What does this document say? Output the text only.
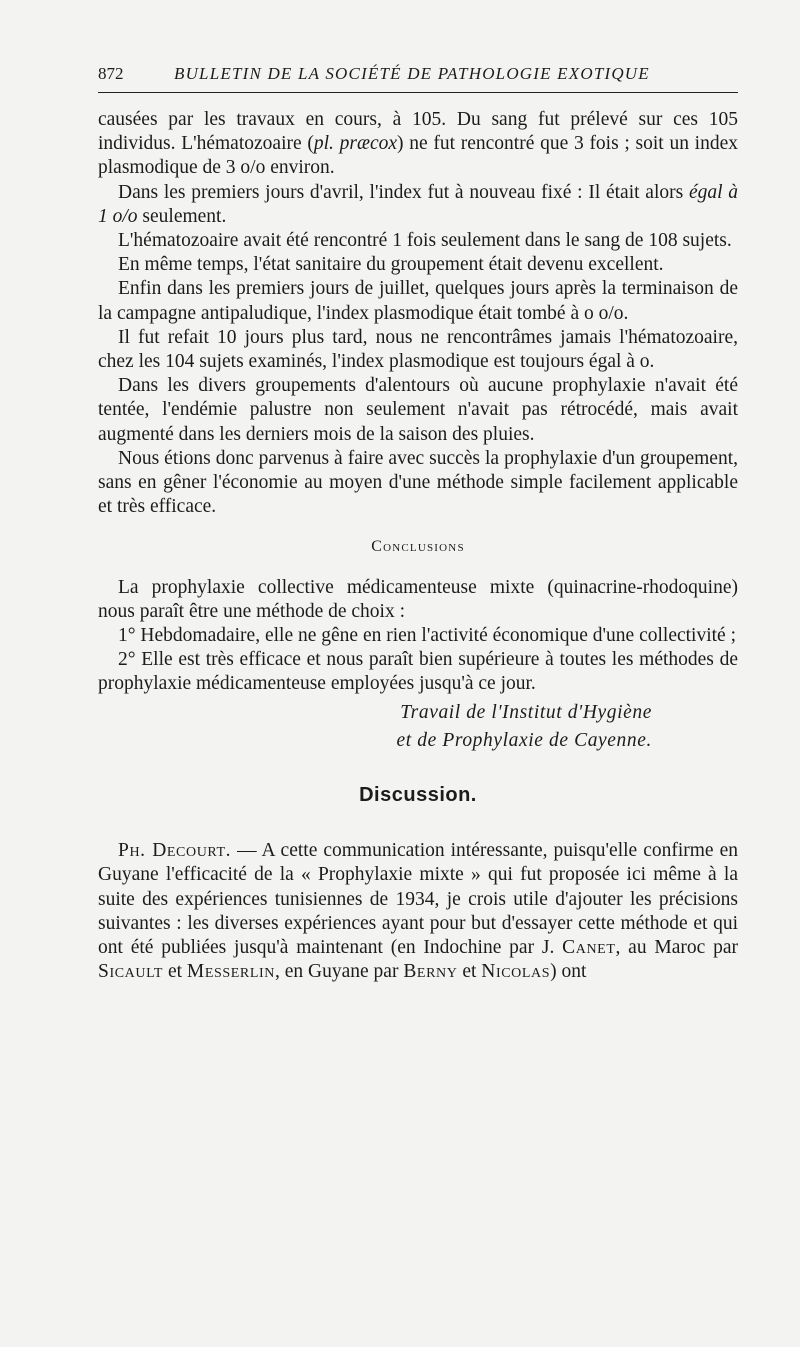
872	BULLETIN DE LA SOCIÉTÉ DE PATHOLOGIE EXOTIQUE

causées par les travaux en cours, à 105. Du sang fut prélevé sur ces 105 individus. L'hématozoaire (pl. præcox) ne fut rencontré que 3 fois ; soit un index plasmodique de 3 o/o environ.

Dans les premiers jours d'avril, l'index fut à nouveau fixé : Il était alors égal à 1 o/o seulement.

L'hématozoaire avait été rencontré 1 fois seulement dans le sang de 108 sujets.

En même temps, l'état sanitaire du groupement était devenu excellent.

Enfin dans les premiers jours de juillet, quelques jours après la terminaison de la campagne antipaludique, l'index plasmodique était tombé à o o/o.

Il fut refait 10 jours plus tard, nous ne rencontrâmes jamais l'hématozoaire, chez les 104 sujets examinés, l'index plasmodique est toujours égal à o.

Dans les divers groupements d'alentours où aucune prophylaxie n'avait été tentée, l'endémie palustre non seulement n'avait pas rétrocédé, mais avait augmenté dans les derniers mois de la saison des pluies.

Nous étions donc parvenus à faire avec succès la prophylaxie d'un groupement, sans en gêner l'économie au moyen d'une méthode simple facilement applicable et très efficace.

Conclusions

La prophylaxie collective médicamenteuse mixte (quinacrine-rhodoquine) nous paraît être une méthode de choix :

1° Hebdomadaire, elle ne gêne en rien l'activité économique d'une collectivité ;

2° Elle est très efficace et nous paraît bien supérieure à toutes les méthodes de prophylaxie médicamenteuse employées jusqu'à ce jour.

Travail de l'Institut d'Hygiène
et de Prophylaxie de Cayenne.
Discussion.

Ph. Decourt. — A cette communication intéressante, puisqu'elle confirme en Guyane l'efficacité de la « Prophylaxie mixte » qui fut proposée ici même à la suite des expériences tunisiennes de 1934, je crois utile d'ajouter les précisions suivantes : les diverses expériences ayant pour but d'essayer cette méthode et qui ont été publiées jusqu'à maintenant (en Indochine par J. Canet, au Maroc par Sicault et Messerlin, en Guyane par Berny et Nicolas) ont
